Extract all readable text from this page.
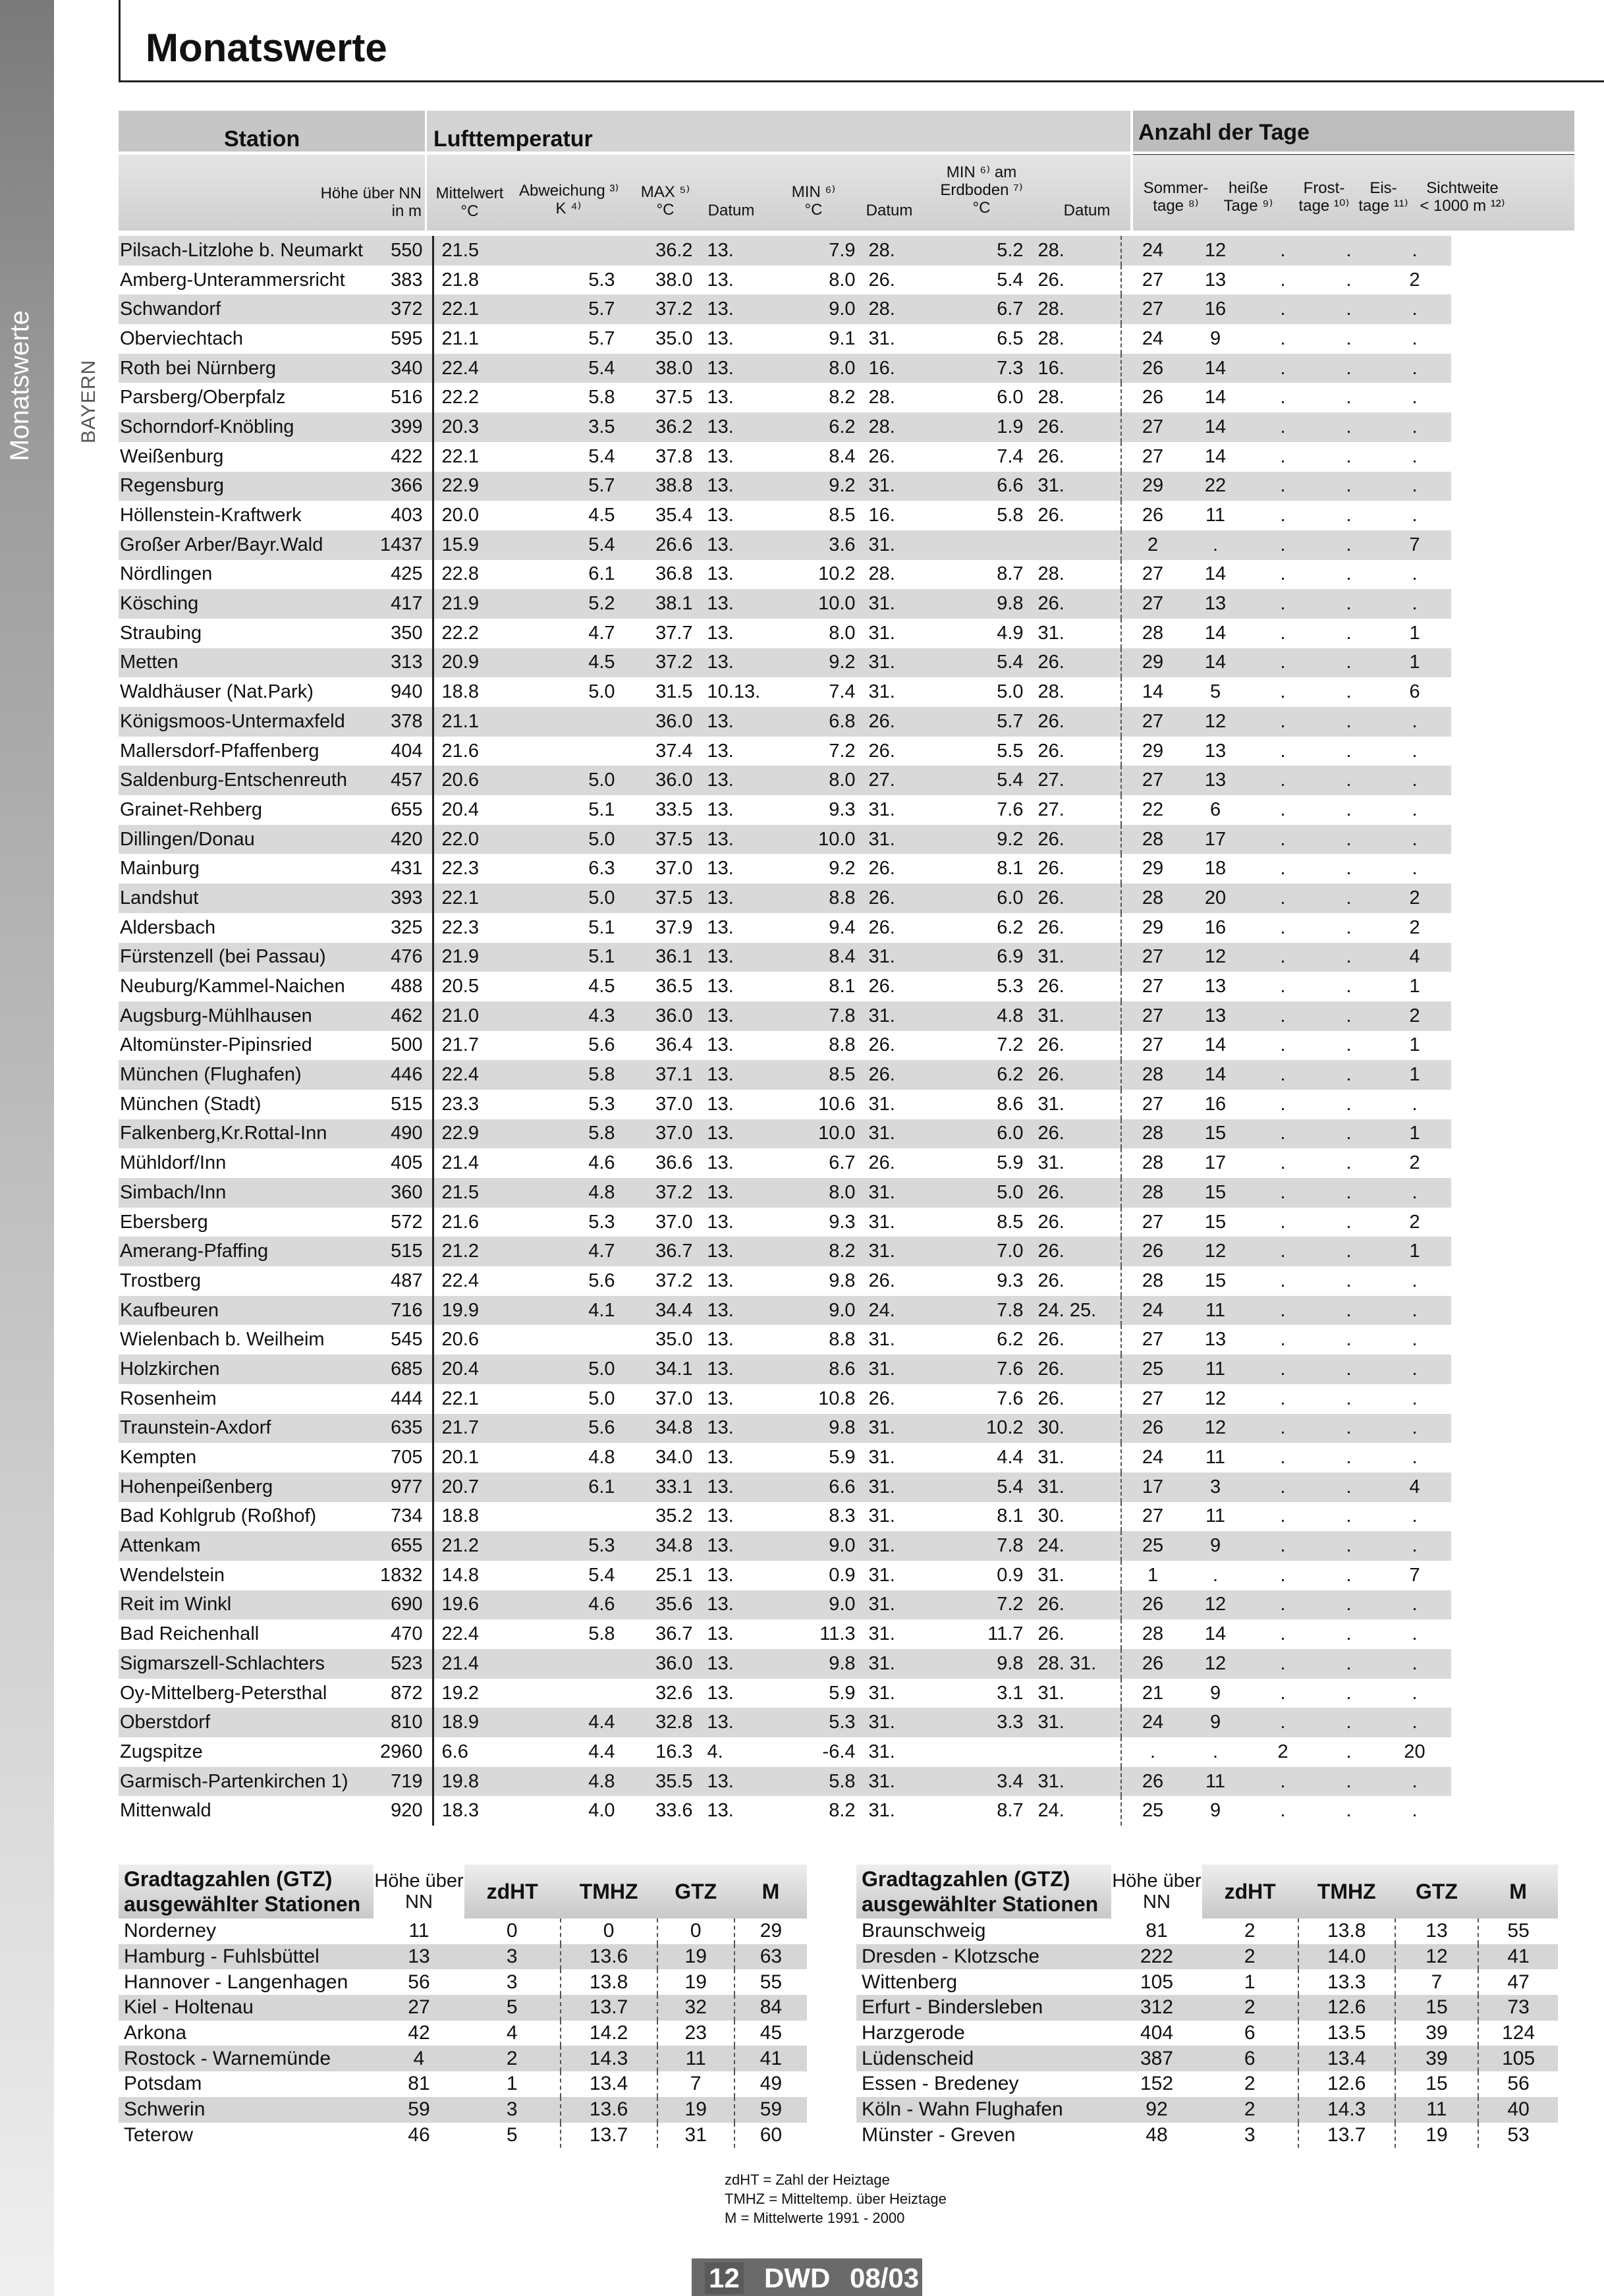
Monatswerte
Monatswerte
Station	Lufttemperatur	Anzahl der Tage
Höhe über NN
in m
Mittelwert
°C
Abweichung ³⁾
K ⁴⁾
MAX ⁵⁾
°C	Datum
MIN ⁶⁾
°C	Datum
MIN ⁶⁾ am
Erdboden ⁷⁾
°C	Datum
Sommer-
tage ⁸⁾
heiße
Tage ⁹⁾
Frost-
tage ¹⁰⁾
Eis-
tage ¹¹⁾
Sichtweite
< 1000 m ¹²⁾
BAYERN
Pilsach-Litzlohe b. Neumarkt	550	21.5		36.2	13.	7.9	28.	5.2	28.	24	12	.	.	.
Amberg-Unterammersricht	383	21.8	5.3	38.0	13.	8.0	26.	5.4	26.	27	13	.	.	2
Schwandorf	372	22.1	5.7	37.2	13.	9.0	28.	6.7	28.	27	16	.	.	.
Oberviechtach	595	21.1	5.7	35.0	13.	9.1	31.	6.5	28.	24	9	.	.	.
Roth bei Nürnberg	340	22.4	5.4	38.0	13.	8.0	16.	7.3	16.	26	14	.	.	.
Parsberg/Oberpfalz	516	22.2	5.8	37.5	13.	8.2	28.	6.0	28.	26	14	.	.	.
Schorndorf-Knöbling	399	20.3	3.5	36.2	13.	6.2	28.	1.9	26.	27	14	.	.	.
Weißenburg	422	22.1	5.4	37.8	13.	8.4	26.	7.4	26.	27	14	.	.	.
Regensburg	366	22.9	5.7	38.8	13.	9.2	31.	6.6	31.	29	22	.	.	.
Höllenstein-Kraftwerk	403	20.0	4.5	35.4	13.	8.5	16.	5.8	26.	26	11	.	.	.
Großer Arber/Bayr.Wald	1437	15.9	5.4	26.6	13.	3.6	31.			2	.	.	.	7
Nördlingen	425	22.8	6.1	36.8	13.	10.2	28.	8.7	28.	27	14	.	.	.
Kösching	417	21.9	5.2	38.1	13.	10.0	31.	9.8	26.	27	13	.	.	.
Straubing	350	22.2	4.7	37.7	13.	8.0	31.	4.9	31.	28	14	.	.	1
Metten	313	20.9	4.5	37.2	13.	9.2	31.	5.4	26.	29	14	.	.	1
Waldhäuser (Nat.Park)	940	18.8	5.0	31.5	10.13.	7.4	31.	5.0	28.	14	5	.	.	6
Königsmoos-Untermaxfeld	378	21.1		36.0	13.	6.8	26.	5.7	26.	27	12	.	.	.
Mallersdorf-Pfaffenberg	404	21.6		37.4	13.	7.2	26.	5.5	26.	29	13	.	.	.
Saldenburg-Entschenreuth	457	20.6	5.0	36.0	13.	8.0	27.	5.4	27.	27	13	.	.	.
Grainet-Rehberg	655	20.4	5.1	33.5	13.	9.3	31.	7.6	27.	22	6	.	.	.
Dillingen/Donau	420	22.0	5.0	37.5	13.	10.0	31.	9.2	26.	28	17	.	.	.
Mainburg	431	22.3	6.3	37.0	13.	9.2	26.	8.1	26.	29	18	.	.	.
Landshut	393	22.1	5.0	37.5	13.	8.8	26.	6.0	26.	28	20	.	.	2
Aldersbach	325	22.3	5.1	37.9	13.	9.4	26.	6.2	26.	29	16	.	.	2
Fürstenzell (bei Passau)	476	21.9	5.1	36.1	13.	8.4	31.	6.9	31.	27	12	.	.	4
Neuburg/Kammel-Naichen	488	20.5	4.5	36.5	13.	8.1	26.	5.3	26.	27	13	.	.	1
Augsburg-Mühlhausen	462	21.0	4.3	36.0	13.	7.8	31.	4.8	31.	27	13	.	.	2
Altomünster-Pipinsried	500	21.7	5.6	36.4	13.	8.8	26.	7.2	26.	27	14	.	.	1
München (Flughafen)	446	22.4	5.8	37.1	13.	8.5	26.	6.2	26.	28	14	.	.	1
München (Stadt)	515	23.3	5.3	37.0	13.	10.6	31.	8.6	31.	27	16	.	.	.
Falkenberg,Kr.Rottal-Inn	490	22.9	5.8	37.0	13.	10.0	31.	6.0	26.	28	15	.	.	1
Mühldorf/Inn	405	21.4	4.6	36.6	13.	6.7	26.	5.9	31.	28	17	.	.	2
Simbach/Inn	360	21.5	4.8	37.2	13.	8.0	31.	5.0	26.	28	15	.	.	.
Ebersberg	572	21.6	5.3	37.0	13.	9.3	31.	8.5	26.	27	15	.	.	2
Amerang-Pfaffing	515	21.2	4.7	36.7	13.	8.2	31.	7.0	26.	26	12	.	.	1
Trostberg	487	22.4	5.6	37.2	13.	9.8	26.	9.3	26.	28	15	.	.	.
Kaufbeuren	716	19.9	4.1	34.4	13.	9.0	24.	7.8	24. 25.	24	11	.	.	.
Wielenbach b. Weilheim	545	20.6		35.0	13.	8.8	31.	6.2	26.	27	13	.	.	.
Holzkirchen	685	20.4	5.0	34.1	13.	8.6	31.	7.6	26.	25	11	.	.	.
Rosenheim	444	22.1	5.0	37.0	13.	10.8	26.	7.6	26.	27	12	.	.	.
Traunstein-Axdorf	635	21.7	5.6	34.8	13.	9.8	31.	10.2	30.	26	12	.	.	.
Kempten	705	20.1	4.8	34.0	13.	5.9	31.	4.4	31.	24	11	.	.	.
Hohenpeißenberg	977	20.7	6.1	33.1	13.	6.6	31.	5.4	31.	17	3	.	.	4
Bad Kohlgrub (Roßhof)	734	18.8		35.2	13.	8.3	31.	8.1	30.	27	11	.	.	.
Attenkam	655	21.2	5.3	34.8	13.	9.0	31.	7.8	24.	25	9	.	.	.
Wendelstein	1832	14.8	5.4	25.1	13.	0.9	31.	0.9	31.	1	.	.	.	7
Reit im Winkl	690	19.6	4.6	35.6	13.	9.0	31.	7.2	26.	26	12	.	.	.
Bad Reichenhall	470	22.4	5.8	36.7	13.	11.3	31.	11.7	26.	28	14	.	.	.
Sigmarszell-Schlachters	523	21.4		36.0	13.	9.8	31.	9.8	28. 31.	26	12	.	.	.
Oy-Mittelberg-Petersthal	872	19.2		32.6	13.	5.9	31.	3.1	31.	21	9	.	.	.
Oberstdorf	810	18.9	4.4	32.8	13.	5.3	31.	3.3	31.	24	9	.	.	.
Zugspitze	2960	6.6	4.4	16.3	4.	-6.4	31.			.	.	2	.	20
Garmisch-Partenkirchen 1)	719	19.8	4.8	35.5	13.	5.8	31.	3.4	31.	26	11	.	.	.
Mittenwald	920	18.3	4.0	33.6	13.	8.2	31.	8.7	24.	25	9	.	.	.
Gradtagzahlen (GTZ)
ausgewählter Stationen	Höhe über
NN	zdHT	TMHZ	GTZ	M
Norderney	11	0	0	0	29
Hamburg - Fuhlsbüttel	13	3	13.6	19	63
Hannover - Langenhagen	56	3	13.8	19	55
Kiel - Holtenau	27	5	13.7	32	84
Arkona	42	4	14.2	23	45
Rostock - Warnemünde	4	2	14.3	11	41
Potsdam	81	1	13.4	7	49
Schwerin	59	3	13.6	19	59
Teterow	46	5	13.7	31	60
Gradtagzahlen (GTZ)
ausgewählter Stationen	Höhe über
NN	zdHT	TMHZ	GTZ	M
Braunschweig	81	2	13.8	13	55
Dresden - Klotzsche	222	2	14.0	12	41
Wittenberg	105	1	13.3	7	47
Erfurt - Bindersleben	312	2	12.6	15	73
Harzgerode	404	6	13.5	39	124
Lüdenscheid	387	6	13.4	39	105
Essen - Bredeney	152	2	12.6	15	56
Köln - Wahn Flughafen	92	2	14.3	11	40
Münster - Greven	48	3	13.7	19	53
zdHT = Zahl der Heiztage
TMHZ = Mitteltemp. über Heiztage
M = Mittelwerte 1991 - 2000
12 DWD 08/03
